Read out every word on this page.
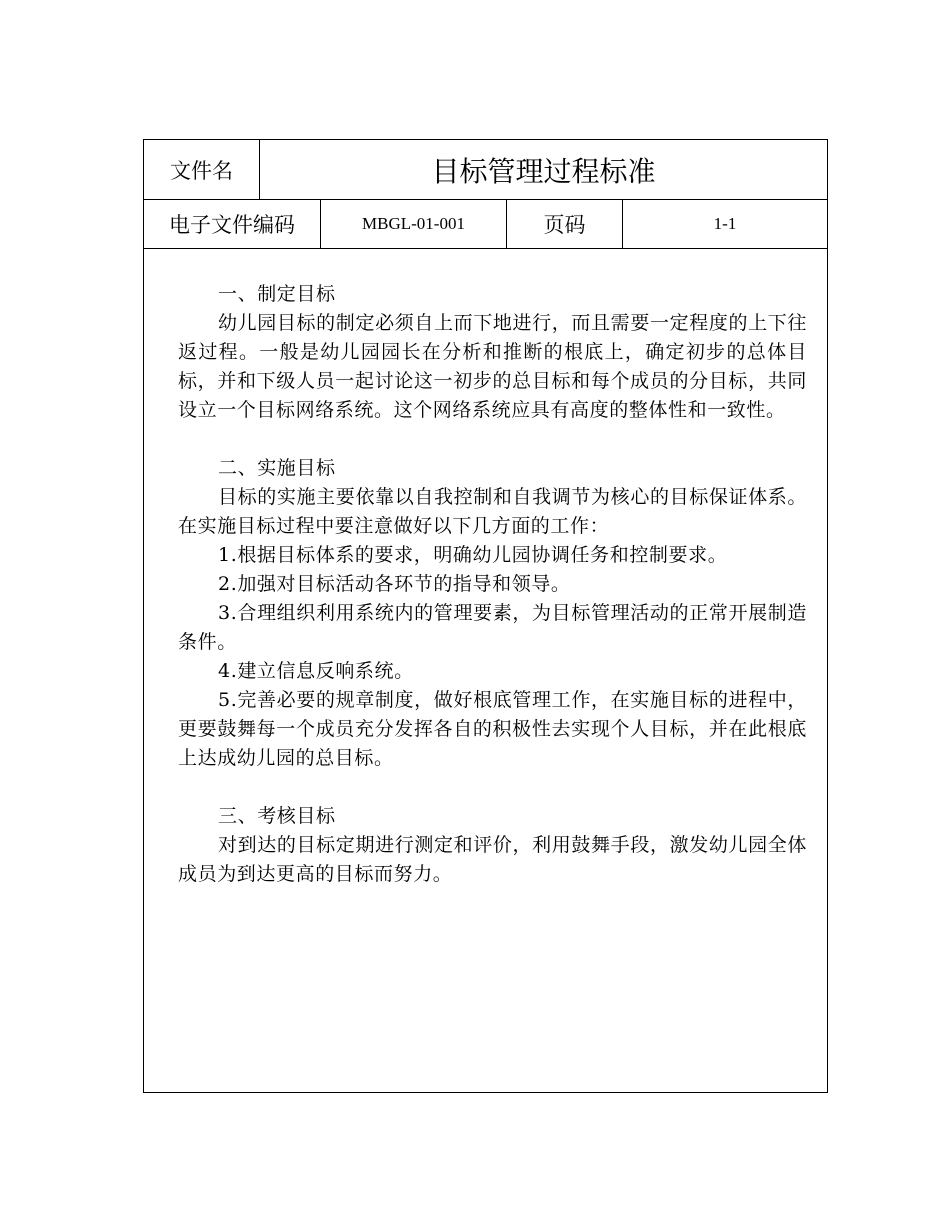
文件名	目标管理过程标准
电子文件编码	MBGL-01-001	页码	1-1

一、制定目标

幼儿园目标的制定必须自上而下地进行，而且需要一定程度的上下往返过程。一般是幼儿园园长在分析和推断的根底上，确定初步的总体目标，并和下级人员一起讨论这一初步的总目标和每个成员的分目标，共同设立一个目标网络系统。这个网络系统应具有高度的整体性和一致性。

二、实施目标

目标的实施主要依靠以自我控制和自我调节为核心的目标保证体系。在实施目标过程中要注意做好以下几方面的工作：

1.根据目标体系的要求，明确幼儿园协调任务和控制要求。

2.加强对目标活动各环节的指导和领导。

3.合理组织利用系统内的管理要素，为目标管理活动的正常开展制造条件。

4.建立信息反响系统。

5.完善必要的规章制度，做好根底管理工作，在实施目标的进程中，更要鼓舞每一个成员充分发挥各自的积极性去实现个人目标，并在此根底上达成幼儿园的总目标。

三、考核目标

对到达的目标定期进行测定和评价，利用鼓舞手段，激发幼儿园全体成员为到达更高的目标而努力。
